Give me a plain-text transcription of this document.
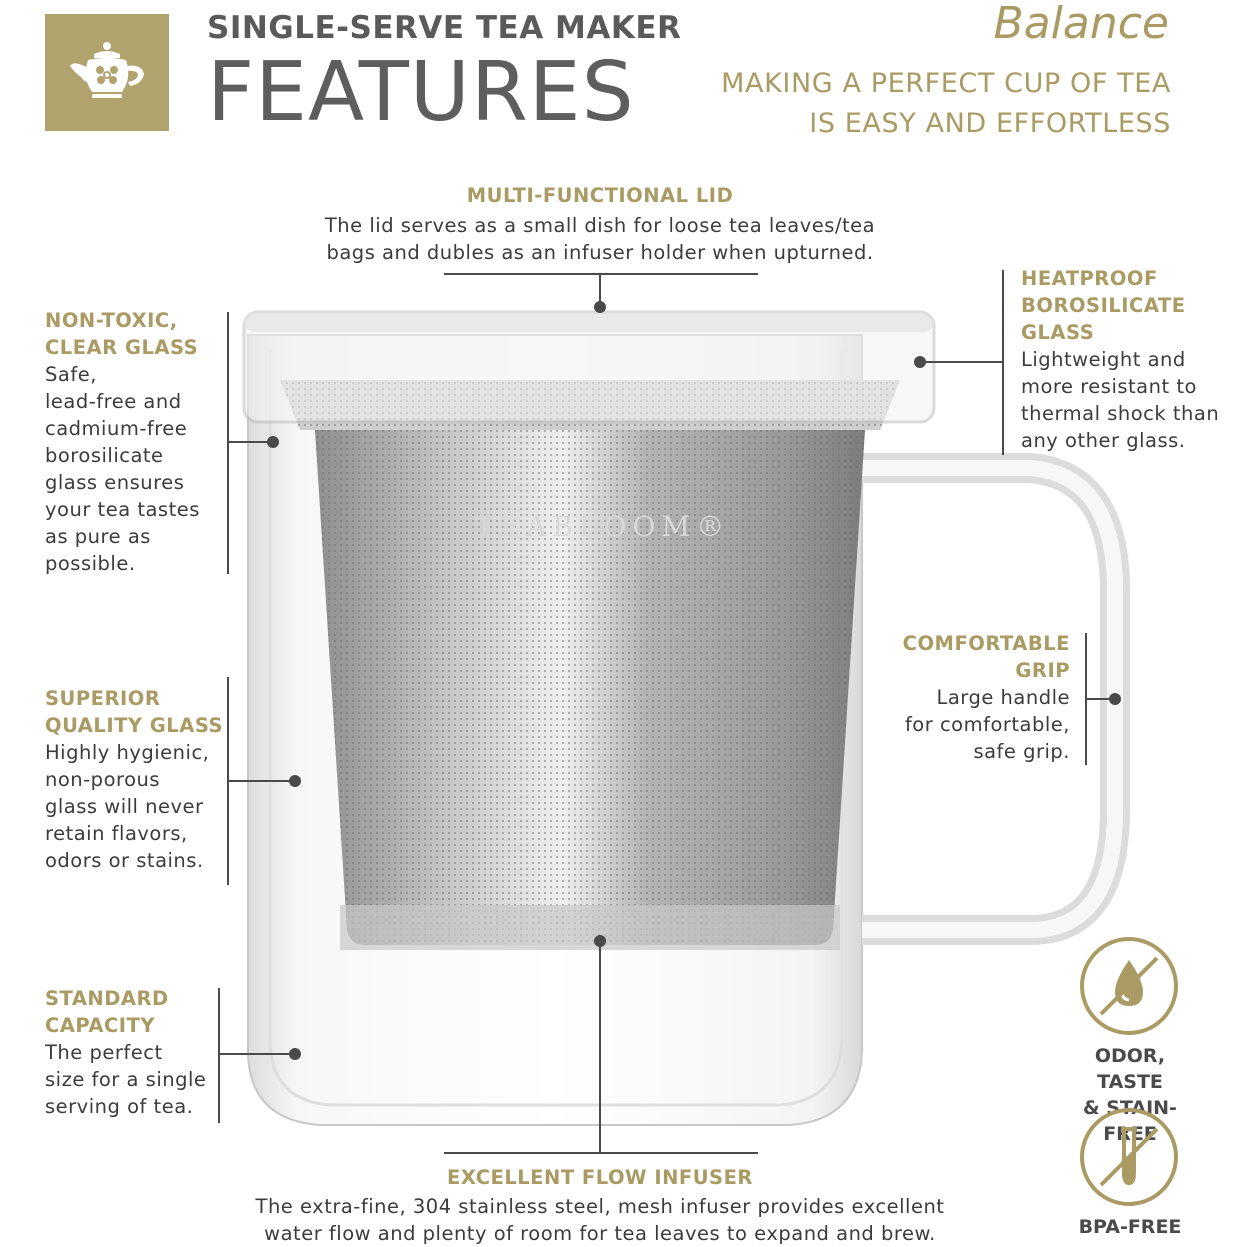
SINGLE-SERVE TEA MAKER
FEATURES
Balance
MAKING A PERFECT CUP OF TEA IS EASY AND EFFORTLESS
TEABLOOM®
MULTI-FUNCTIONAL LID
The lid serves as a small dish for loose tea leaves/tea
bags and dubles as an infuser holder when upturned.
NON-TOXIC,
CLEAR GLASS
Safe,
lead-free and
cadmium-free
borosilicate
glass ensures
your tea tastes
as pure as
possible.
HEATPROOF
BOROSILICATE
GLASS
Lightweight and
more resistant to
thermal shock than
any other glass.
SUPERIOR
QUALITY GLASS
Highly hygienic,
non-porous
glass will never
retain flavors,
odors or stains.
COMFORTABLE
GRIP
Large handle
for comfortable,
safe grip.
STANDARD
CAPACITY
The perfect
size for a single
serving of tea.
EXCELLENT FLOW INFUSER
The extra-fine, 304 stainless steel, mesh infuser provides excellent
water flow and plenty of room for tea leaves to expand and brew.
ODOR, TASTE
& STAIN-FREE
BPA-FREE
